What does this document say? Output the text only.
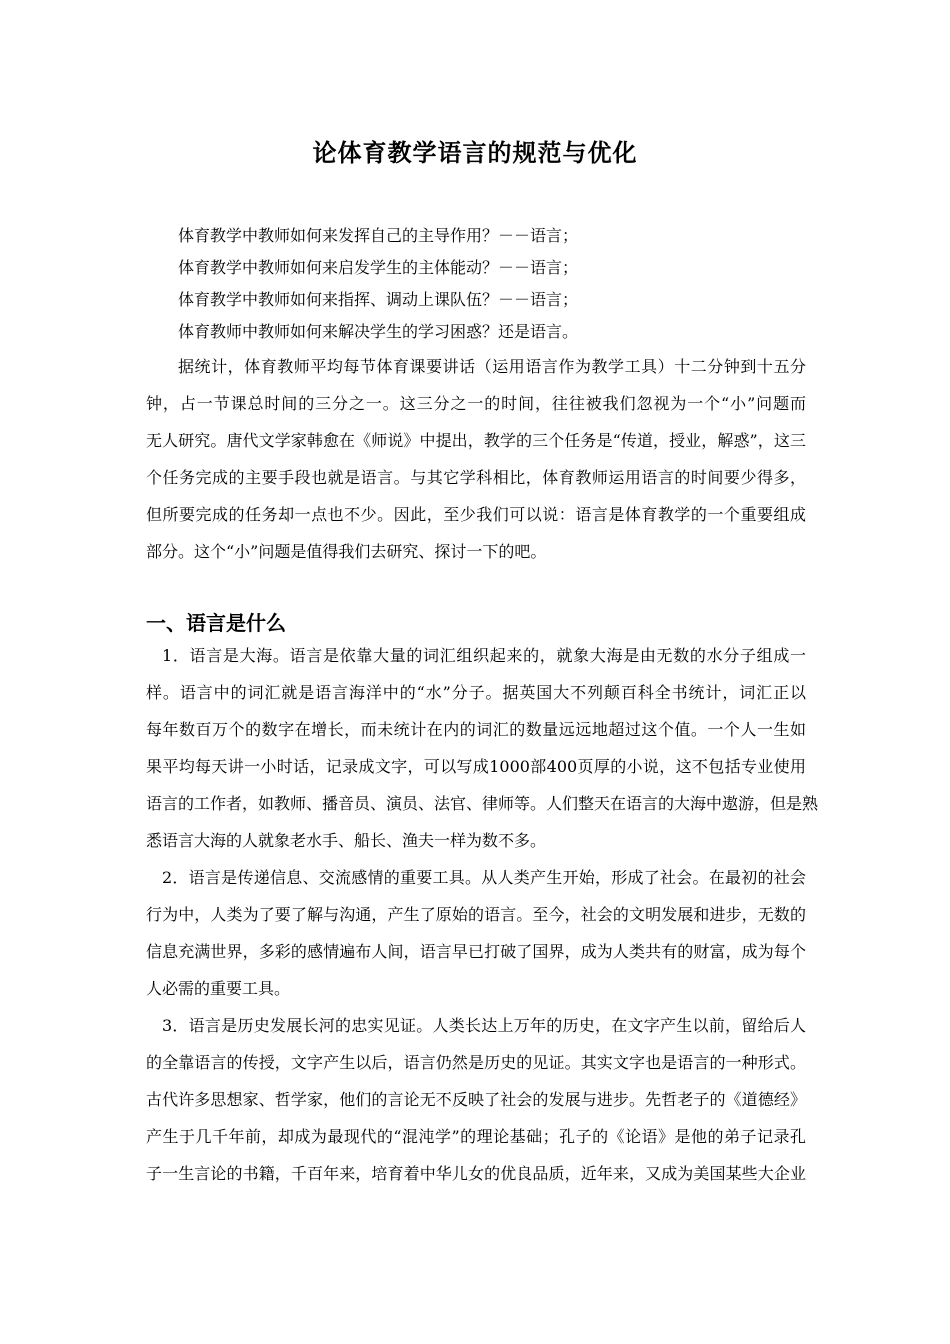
论体育教学语言的规范与优化
体育教学中教师如何来发挥自己的主导作用？－－语言；
体育教学中教师如何来启发学生的主体能动？－－语言；
体育教学中教师如何来指挥、调动上课队伍？－－语言；
体育教师中教师如何来解决学生的学习困惑？还是语言。
据统计，体育教师平均每节体育课要讲话（运用语言作为教学工具）十二分钟到十五分
钟，占一节课总时间的三分之一。这三分之一的时间，往往被我们忽视为一个“小”问题而
无人研究。唐代文学家韩愈在《师说》中提出，教学的三个任务是“传道，授业，解惑”，这三
个任务完成的主要手段也就是语言。与其它学科相比，体育教师运用语言的时间要少得多，
但所要完成的任务却一点也不少。因此，至少我们可以说：语言是体育教学的一个重要组成
部分。这个“小”问题是值得我们去研究、探讨一下的吧。
一、语言是什么
1．语言是大海。语言是依靠大量的词汇组织起来的，就象大海是由无数的水分子组成一
样。语言中的词汇就是语言海洋中的“水”分子。据英国大不列颠百科全书统计，词汇正以
每年数百万个的数字在增长，而未统计在内的词汇的数量远远地超过这个值。一个人一生如
果平均每天讲一小时话，记录成文字，可以写成1000部400页厚的小说，这不包括专业使用
语言的工作者，如教师、播音员、演员、法官、律师等。人们整天在语言的大海中遨游，但是熟
悉语言大海的人就象老水手、船长、渔夫一样为数不多。
2．语言是传递信息、交流感情的重要工具。从人类产生开始，形成了社会。在最初的社会
行为中，人类为了要了解与沟通，产生了原始的语言。至今，社会的文明发展和进步，无数的
信息充满世界，多彩的感情遍布人间，语言早已打破了国界，成为人类共有的财富，成为每个
人必需的重要工具。
3．语言是历史发展长河的忠实见证。人类长达上万年的历史，在文字产生以前，留给后人
的全靠语言的传授，文字产生以后，语言仍然是历史的见证。其实文字也是语言的一种形式。
古代许多思想家、哲学家，他们的言论无不反映了社会的发展与进步。先哲老子的《道德经》
产生于几千年前，却成为最现代的“混沌学”的理论基础；孔子的《论语》是他的弟子记录孔
子一生言论的书籍，千百年来，培育着中华儿女的优良品质，近年来，又成为美国某些大企业
